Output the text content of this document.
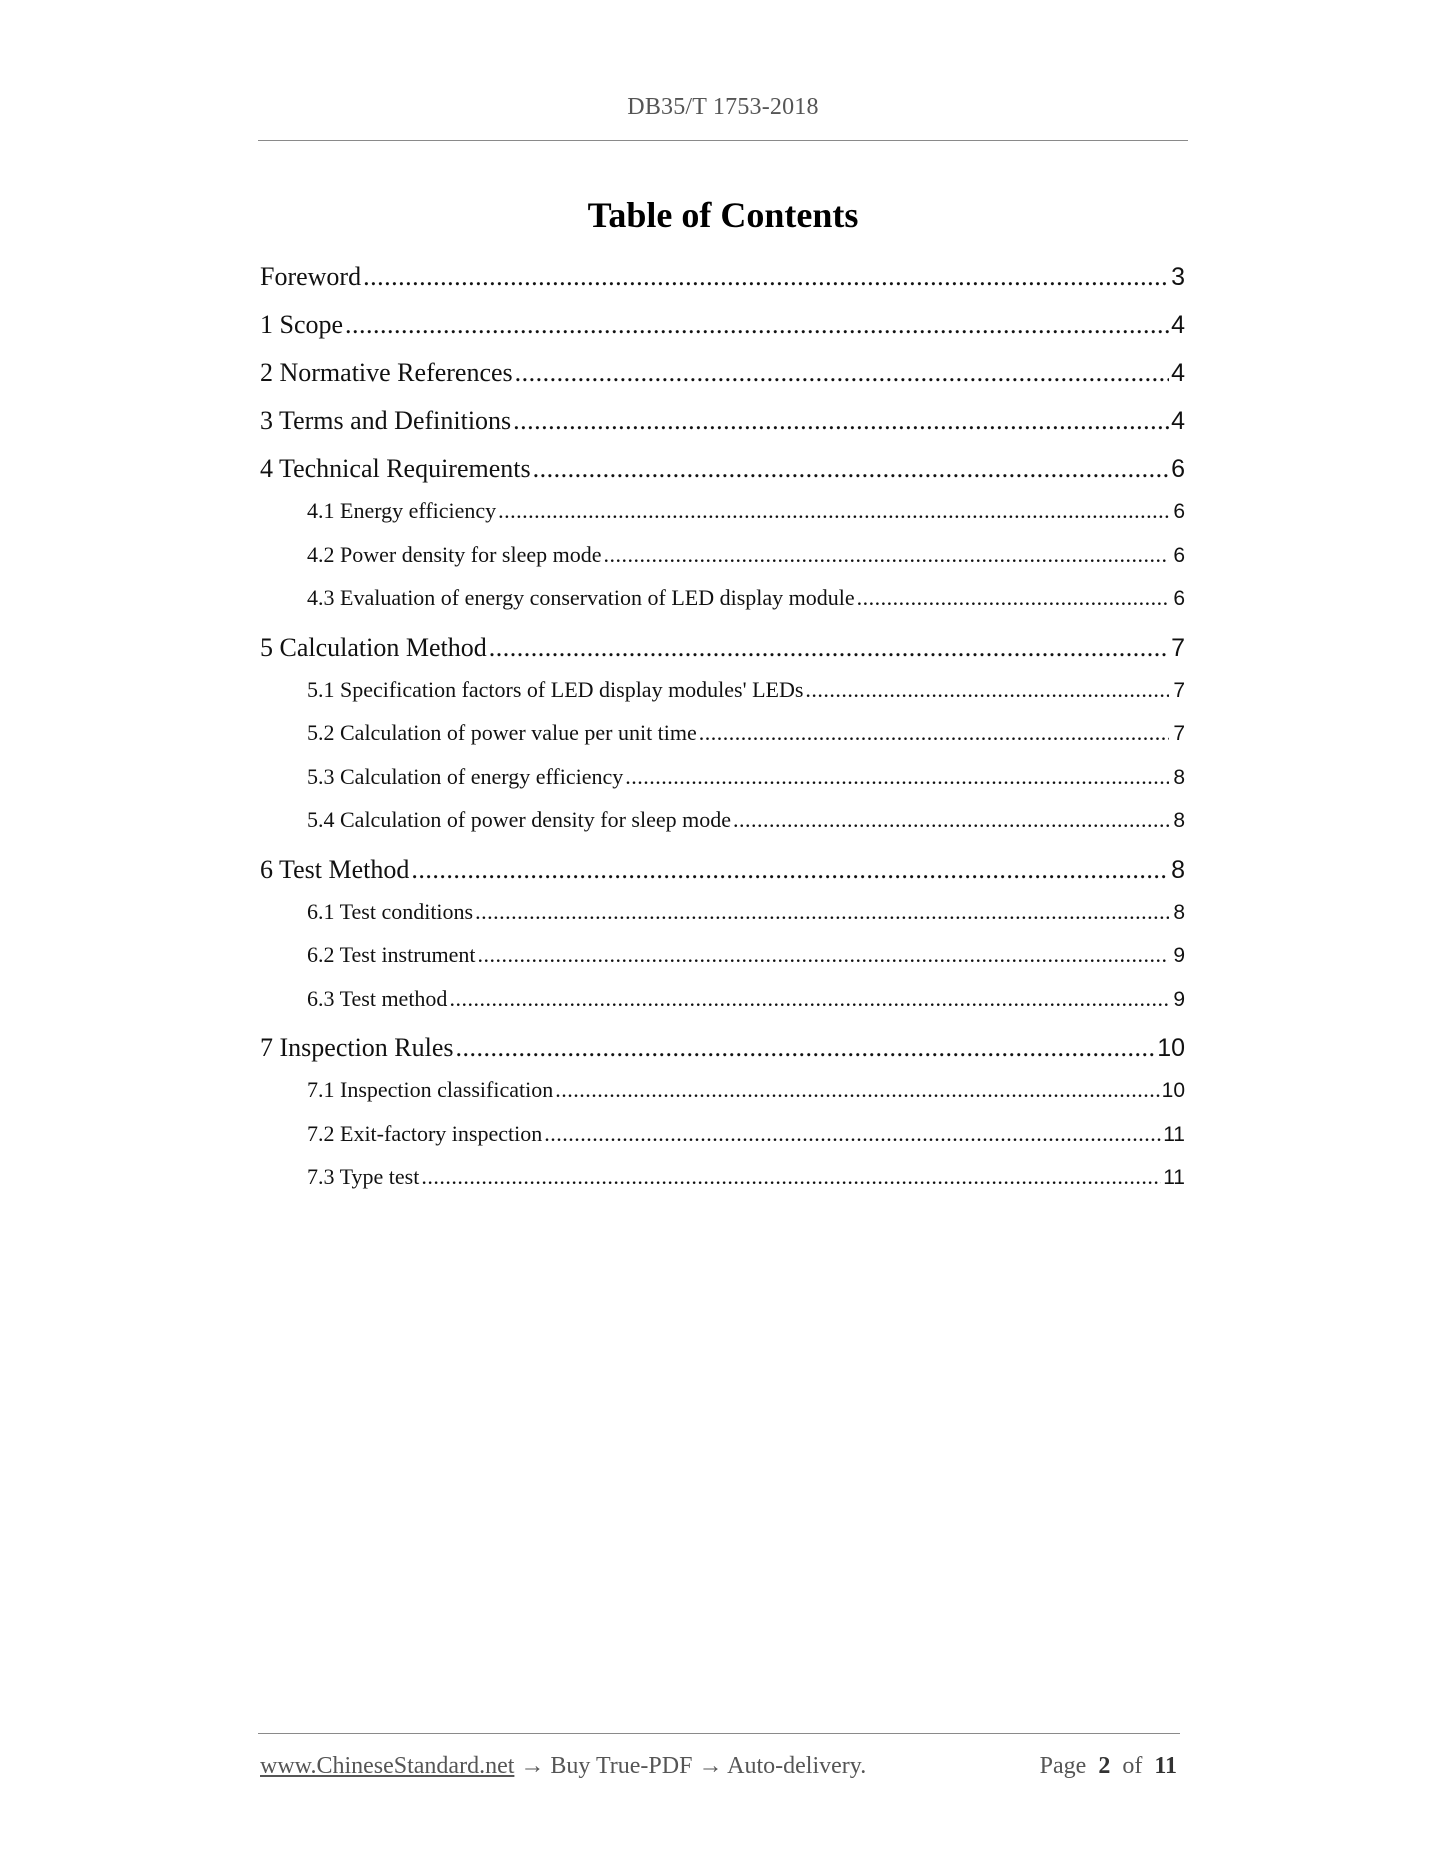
DB35/T 1753-2018
Table of Contents
Foreword .....	3
1 Scope .....	4
2 Normative References .....	4
3 Terms and Definitions .....	4
4 Technical Requirements .....	6
4.1 Energy efficiency .....	6
4.2 Power density for sleep mode .....	6
4.3 Evaluation of energy conservation of LED display module .....	6
5 Calculation Method .....	7
5.1 Specification factors of LED display modules' LEDs .....	7
5.2 Calculation of power value per unit time .....	7
5.3 Calculation of energy efficiency .....	8
5.4 Calculation of power density for sleep mode .....	8
6 Test Method .....	8
6.1 Test conditions .....	8
6.2 Test instrument .....	9
6.3 Test method .....	9
7 Inspection Rules .....	10
7.1 Inspection classification .....	10
7.2 Exit-factory inspection .....	11
7.3 Type test .....	11
www.ChineseStandard.net → Buy True-PDF → Auto-delivery.	Page 2 of 11
